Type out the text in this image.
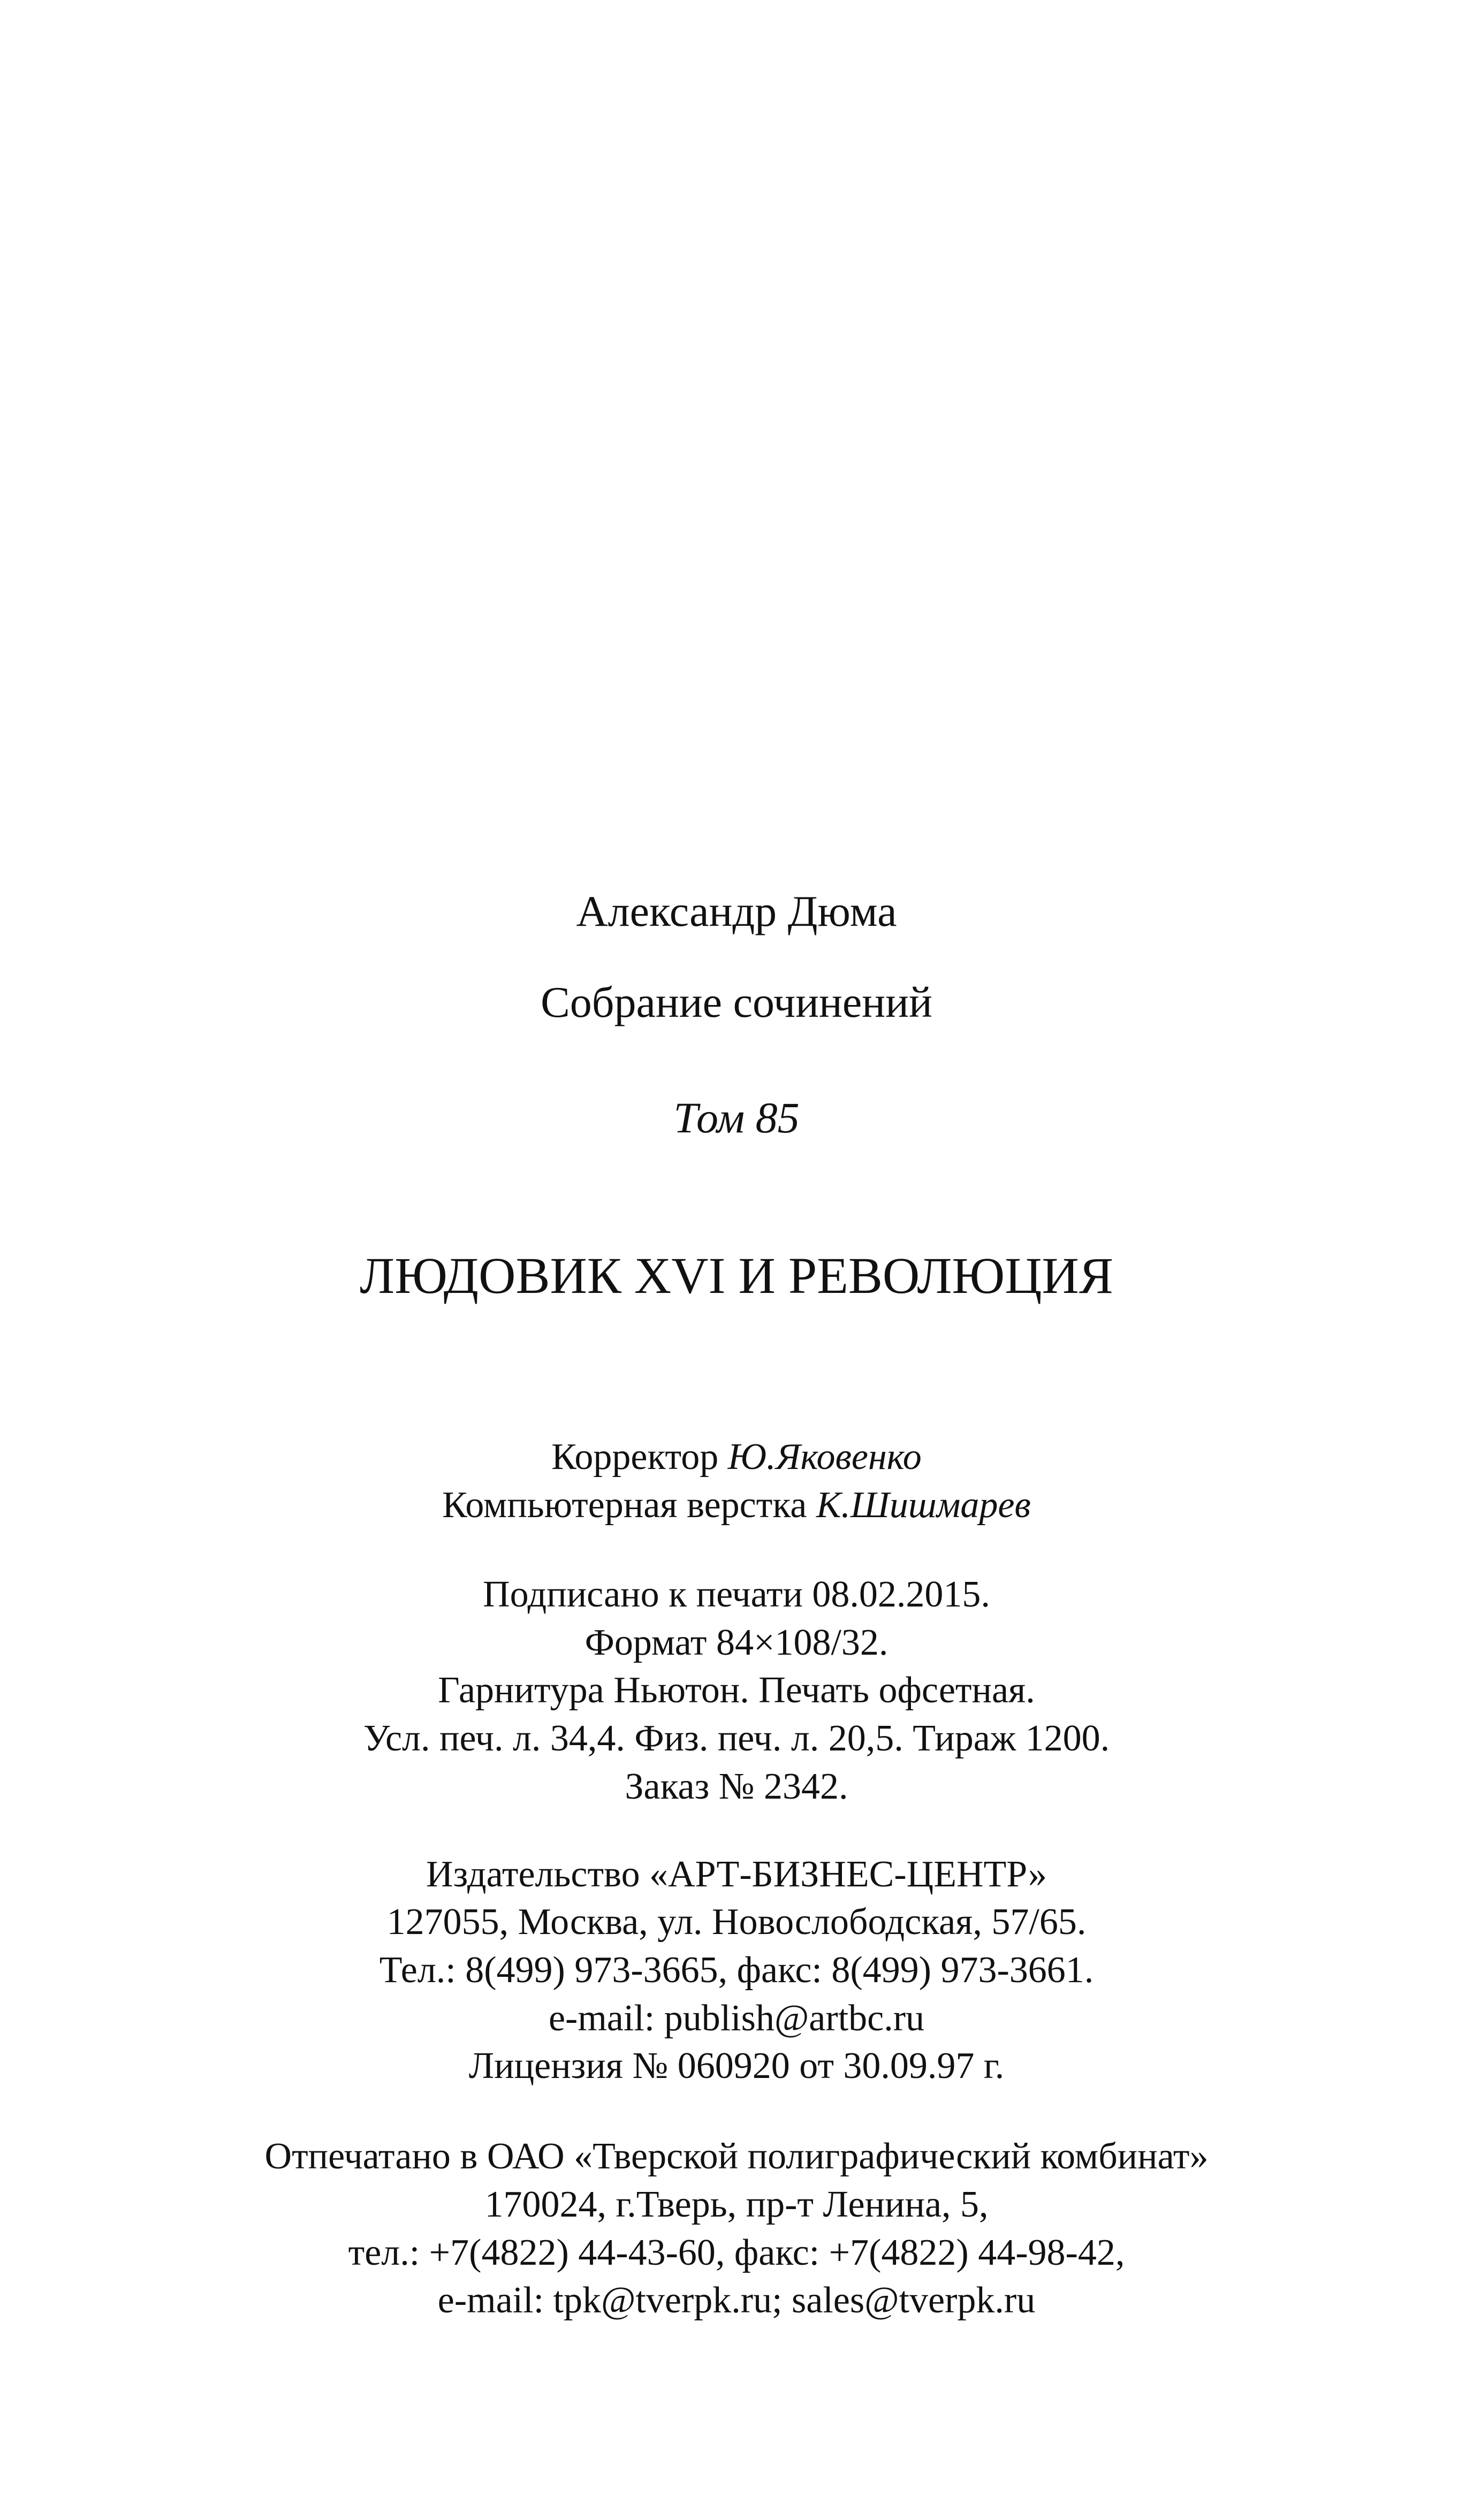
Александр Дюма
Собрание сочинений
Том 85
ЛЮДОВИК XVI И РЕВОЛЮЦИЯ
Корректор Ю.Яковенко
Компьютерная верстка К.Шишмарев
Подписано к печати 08.02.2015.
Формат 84×108/32.
Гарнитура Ньютон. Печать офсетная.
Усл. печ. л. 34,4. Физ. печ. л. 20,5. Тираж 1200.
Заказ № 2342.
Издательство «АРТ-БИЗНЕС-ЦЕНТР»
127055, Москва, ул. Новослободская, 57/65.
Тел.: 8(499) 973-3665, факс: 8(499) 973-3661.
e-mail: publish@artbc.ru
Лицензия № 060920 от 30.09.97 г.
Отпечатано в ОАО «Тверской полиграфический комбинат»
170024, г.Тверь, пр-т Ленина, 5,
тел.: +7(4822) 44-43-60, факс: +7(4822) 44-98-42,
e-mail: tpk@tverpk.ru; sales@tverpk.ru
